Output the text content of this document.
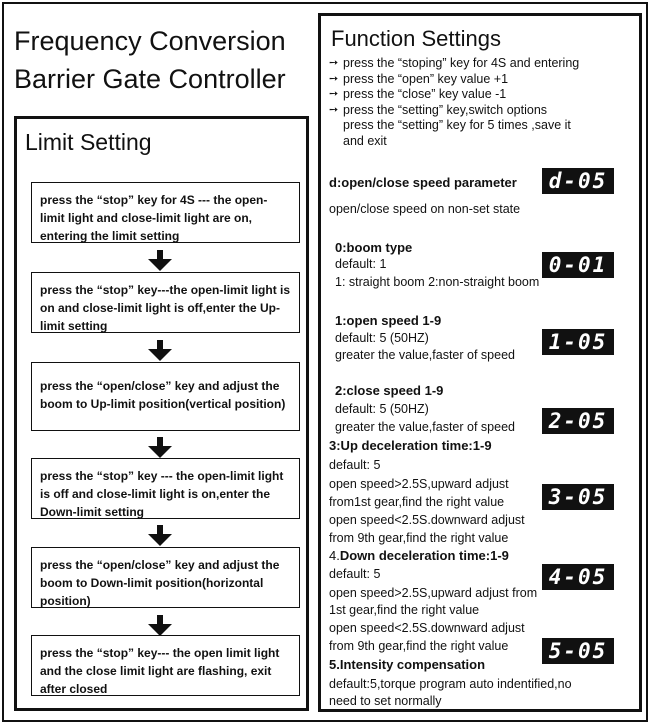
Frequency Conversion
Barrier Gate Controller
Limit Setting
press the “stop” key for 4S --- the open-limit light and close-limit light are on, entering the limit setting
press the “stop” key---the open-limit light is on and close-limit light is off,enter the Up-limit setting
press the “open/close” key and adjust the boom to Up-limit position(vertical position)
press the “stop” key --- the open-limit light is off and close-limit light is on,enter the Down-limit setting
press the “open/close” key and adjust the boom to Down-limit position(horizontal position)
press the “stop” key--- the open limit light and the close limit light are flashing, exit after closed
Function Settings
➙ press the “stoping” key for 4S and entering
➙ press the “open” key value +1
➙ press the “close” key value -1
➙ press the “setting” key,switch options
press the “setting” key for 5 times ,save it
and exit
d:open/close speed parameter	d-05
open/close speed on non-set state
0:boom type
default: 1
1: straight boom 2:non-straight boom
0-01
1:open speed 1-9
default: 5 (50HZ)
greater the value,faster of speed
1-05
2:close speed 1-9
default: 5 (50HZ)
greater the value,faster of speed	2-05
3:Up deceleration time:1-9
default: 5
open speed>2.5S,upward adjust
from1st gear,find the right value
open speed<2.5S.downward adjust
from 9th gear,find the right value
3-05
4.Down deceleration time:1-9
default: 5
open speed>2.5S,upward adjust from
1st gear,find the right value
open speed<2.5S.downward adjust
from 9th gear,find the right value
4-05
5-05
5.Intensity compensation
default:5,torque program auto indentified,no
need to set normally
